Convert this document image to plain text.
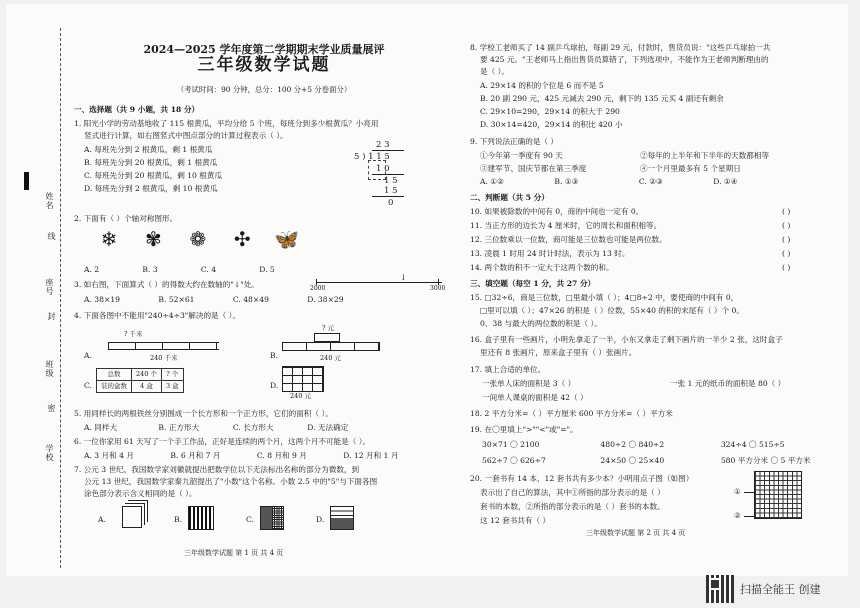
姓名
线
座号
封
班级
密
学校
2024—2025 学年度第二学期期末学业质量展评
三年级数学试题
（考试时间：90 分钟，总分：100 分+5 分卷面分）
一、选择题（共 9 小题，共 18 分）
1. 阳光小学的劳动基地收了 115 根黄瓜，平均分给 5 个班，每班分到多少根黄瓜？小亮用
竖式进行计算，如右图竖式中图点部分的计算过程表示（ ）。
A. 每班先分到 2 根黄瓜，剩 1 根黄瓜
B. 每班先分到 20 根黄瓜，剩 1 根黄瓜
C. 每班先分到 20 根黄瓜，剩 10 根黄瓜
D. 每班先分到 2 根黄瓜，剩 10 根黄瓜
2 3
5 ) 1 1 5
1 0
1 5
1 5
0
2. 下面有（ ）个轴对称图形。
❄ ✾ ❁ ✣ 🦋
A. 2	B. 3	C. 4	D. 5
3. 如右图，下面算式（ ）的得数大约在数轴的"↓"处。
↓
2000	3000
A. 38×19	B. 52×61	C. 48×49	D. 38×29
4. 下面各图中不能用"240÷4÷3"解决的是（ ）。
A.
? 千米
240 千米	B.
? 元
240 元
C.
总数	240 个	? 个
装的盒数	4 盒	3 盒	D.
240 元
5. 用同样长的两根铁丝分别围成一个长方形和一个正方形，它们的面积（ ）。
A. 同样大	B. 正方形大	C. 长方形大	D. 无法确定
6. 一位你家用 61 天写了一个手工作品，正好是连续的两个月，这两个月不可能是（ ）。
A. 3 月和 4 月	B. 6 月和 7 月	C. 8 月和 9 月	D. 12 月和 1 月
7. 公元 3 世纪，我国数学家刘徽就提出把数学位以下无法标出名称的部分为微数，到
公元 13 世纪，我国数学家秦九韶提出了"小数"这个名称。小数 2.5 中的"5"与下面各图
涂色部分表示含义相同的是（ ）。
A.	B.	C.	D.
三年级数学试题 第 1 页 共 4 页
8. 学校工老师买了 14 副乒乓球拍，每副 29 元，付款时，售货员说："这些乒乓球拍一共
要 425 元。"王老师马上指出售货员算错了，下列选项中，不能作为王老师判断理由的
是（ ）。
A. 29×14 的积的个位是 6 而不是 5
B. 20 副 290 元，425 元减去 290 元，剩下的 135 元买 4 副还有剩余
C. 29×10=290，29×14 的积大于 290
D. 30×14=420，29×14 的积比 420 小
9. 下列说法正确的是（ ）
①今年第一季度有 90 天	②每年的上半年和下半年的天数都相等
③建军节、国庆节都在第三季度	④一个月里最多有 5 个星期日
A. ①②	B. ①③	C. ②③	D. ①④
二、判断题（共 5 分）
10. 如果被除数的中间有 0，商的中间也一定有 0。	( )
11. 当正方形的边长为 4 厘米时，它的周长和面积相等。	( )
12. 三位数乘以一位数，商可能是三位数也可能是两位数。	( )
13. 凌晨 1 时用 24 时计时法，表示为 13 时。	( )
14. 两个数的积不一定大于这两个数的和。	( )
三、填空题（每空 1 分，共 27 分）
15. □32÷6，商是三位数，□里最小填（ ）；4□8÷2 中，要使商的中间有 0，
□里可以填（ ）；47×26 的积是（ ）位数，55×40 的积的末尾有（ ）个 0。
0、38 与最大的两位数的积是（ ）。
16. 盒子里有一些画片，小明先拿走了一半，小东又拿走了剩下画片的一半少 2 张，这时盒子
里还有 8 张画片，原来盒子里有（ ）张画片。
17. 填上合适的单位。
一张单人床的面积是 3（ ）	一张 1 元的纸币的面积是 80（ ）
一间单人课桌的面积是 42（ ）
18. 2 平方分米=（ ）平方厘米 600 平方分米=（ ）平方米
19. 在〇里填上">""<"或"="。
30×71 〇 2100	480÷2 〇 840÷2	324÷4 〇 515÷5
562÷7 〇 626÷7	24×50 〇 25×40	580 平方分米 〇 5 平方米
20. 一套书有 14 本，12 套书共有多少本？小明用点子图（如图）
表示出了自己的算法，其中①所指的部分表示的是（ ）
套书的本数，②所指的部分表示的是（ ）套书的本数。
这 12 套书共有（ ）
①
②
三年级数学试题 第 2 页 共 4 页
扫描全能王 创建
